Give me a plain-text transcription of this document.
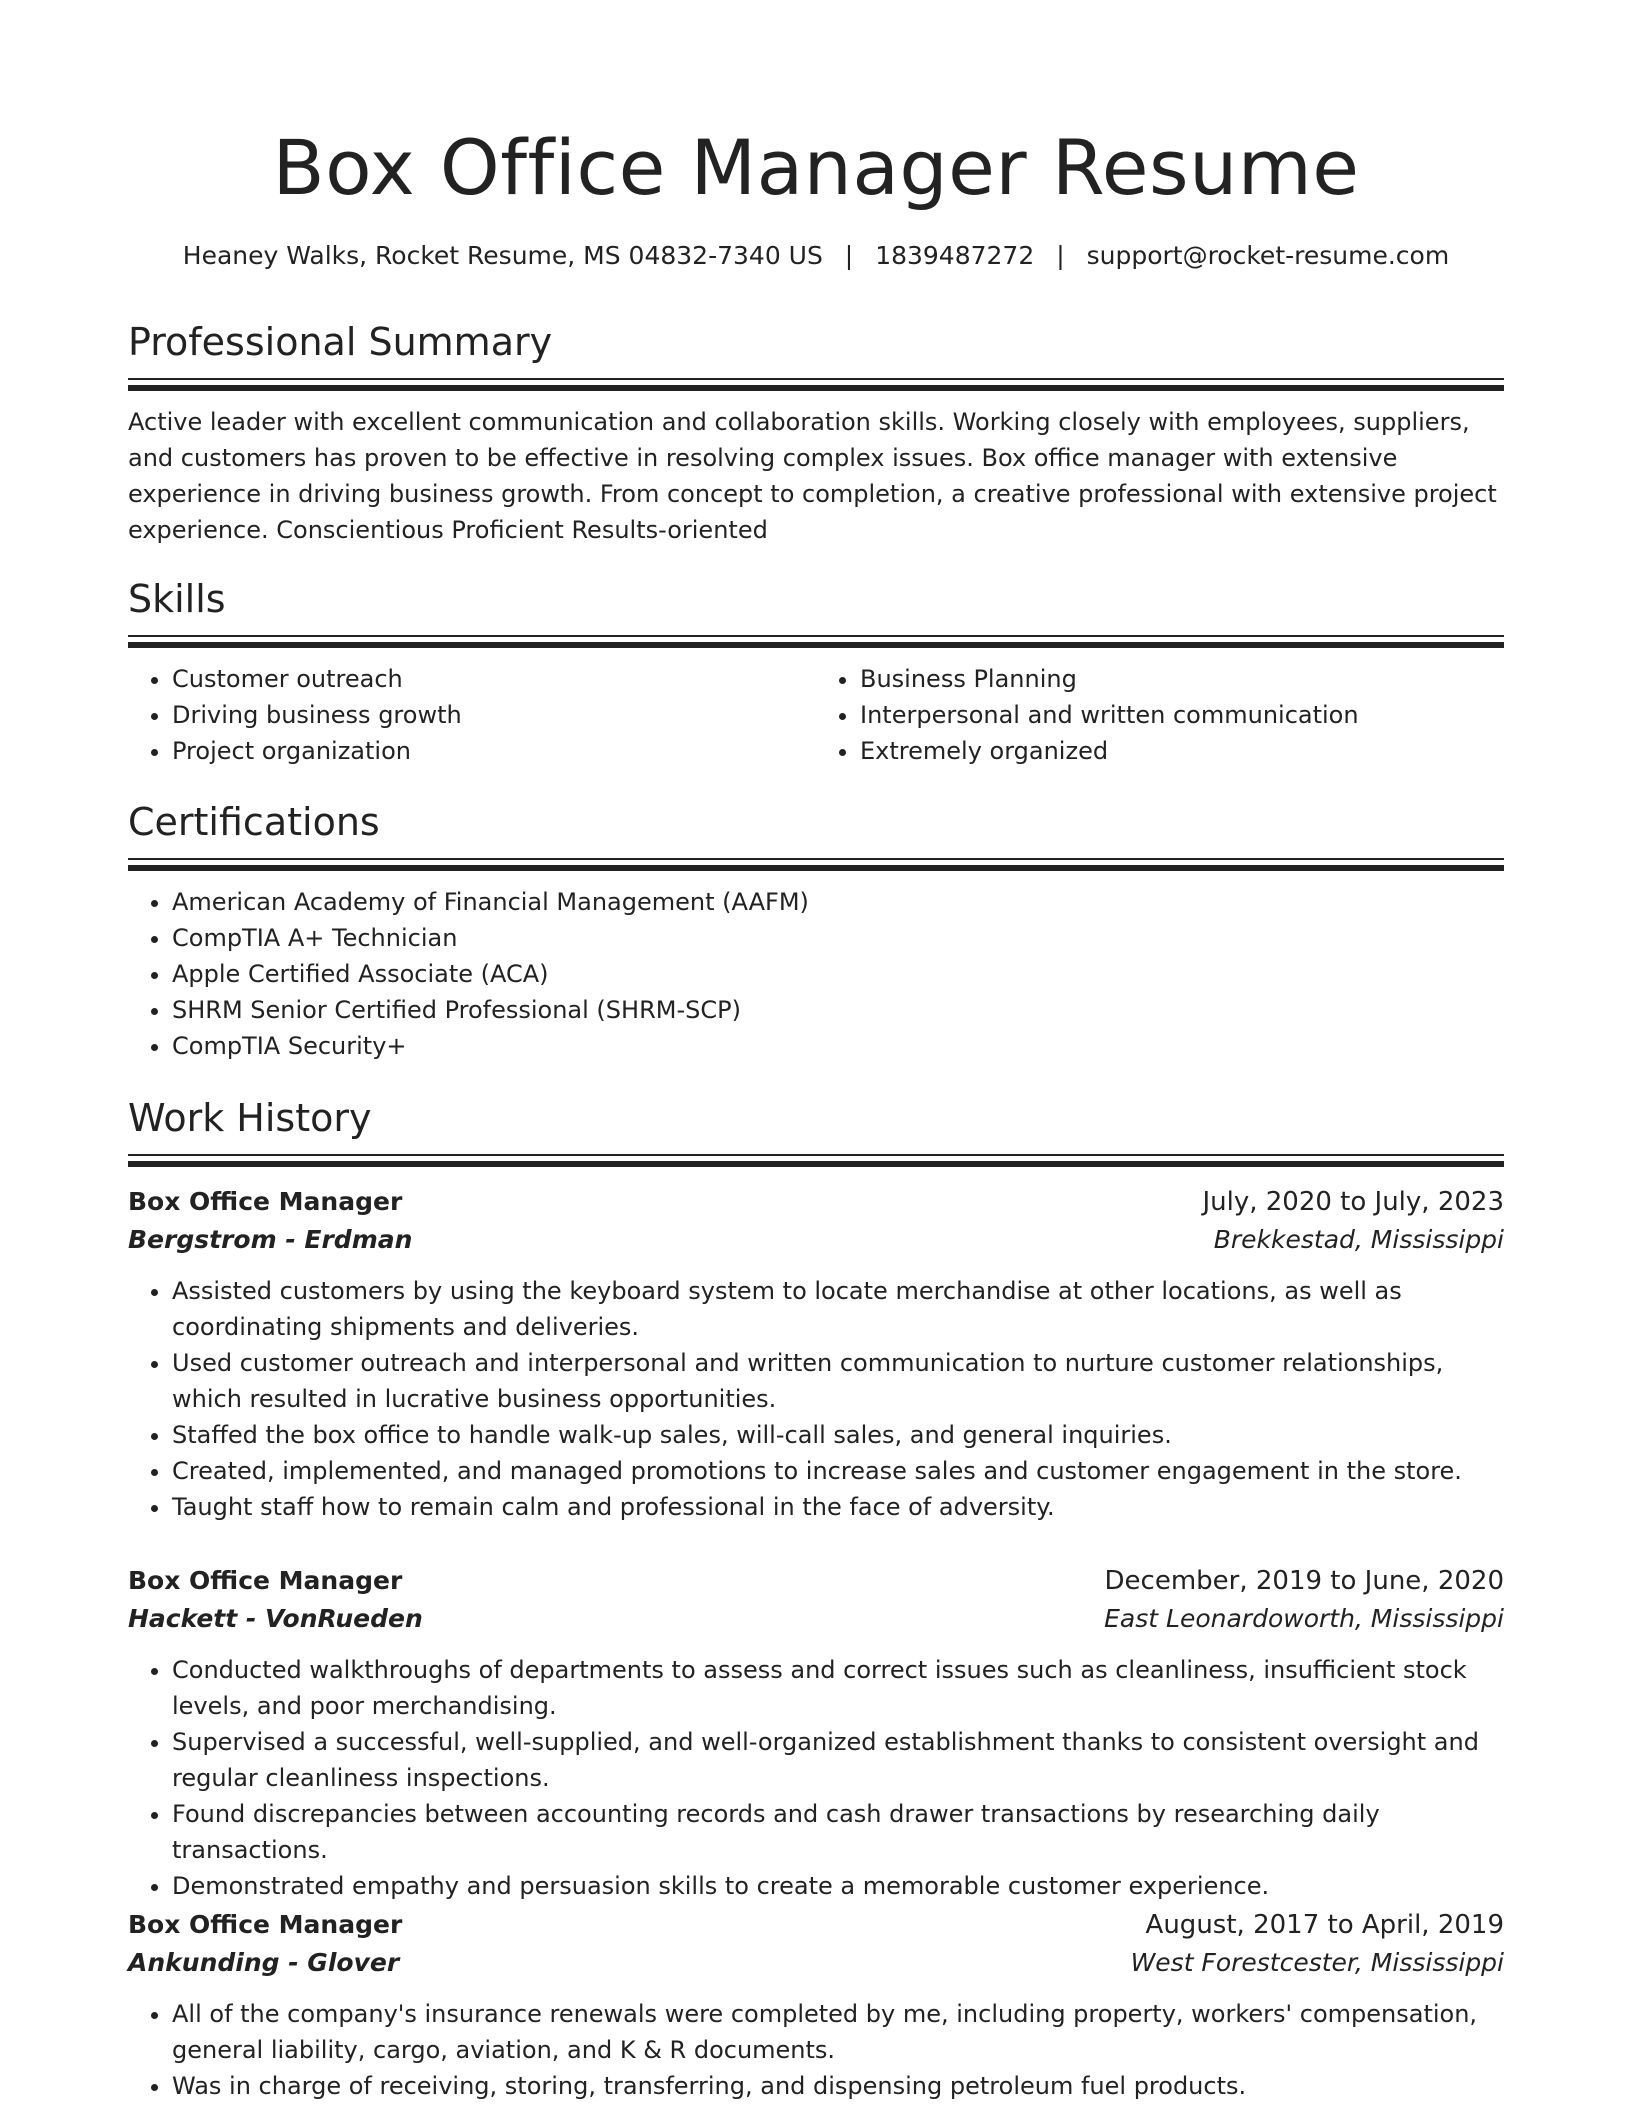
Box Office Manager Resume
Heaney Walks, Rocket Resume, MS 04832-7340 US | 1839487272 | support@rocket-resume.com
Professional Summary
Active leader with excellent communication and collaboration skills. Working closely with employees, suppliers, and customers has proven to be effective in resolving complex issues. Box office manager with extensive experience in driving business growth. From concept to completion, a creative professional with extensive project experience. Conscientious Proficient Results-oriented
Skills
• Customer outreach
• Driving business growth
• Project organization
• Business Planning
• Interpersonal and written communication
• Extremely organized
Certifications
• American Academy of Financial Management (AAFM)
• CompTIA A+ Technician
• Apple Certified Associate (ACA)
• SHRM Senior Certified Professional (SHRM-SCP)
• CompTIA Security+
Work History
Box Office Manager	July, 2020 to July, 2023
Bergstrom - Erdman	Brekkestad, Mississippi
• Assisted customers by using the keyboard system to locate merchandise at other locations, as well as coordinating shipments and deliveries.
• Used customer outreach and interpersonal and written communication to nurture customer relationships, which resulted in lucrative business opportunities.
• Staffed the box office to handle walk-up sales, will-call sales, and general inquiries.
• Created, implemented, and managed promotions to increase sales and customer engagement in the store.
• Taught staff how to remain calm and professional in the face of adversity.
Box Office Manager	December, 2019 to June, 2020
Hackett - VonRueden	East Leonardoworth, Mississippi
• Conducted walkthroughs of departments to assess and correct issues such as cleanliness, insufficient stock levels, and poor merchandising.
• Supervised a successful, well-supplied, and well-organized establishment thanks to consistent oversight and regular cleanliness inspections.
• Found discrepancies between accounting records and cash drawer transactions by researching daily transactions.
• Demonstrated empathy and persuasion skills to create a memorable customer experience.
Box Office Manager	August, 2017 to April, 2019
Ankunding - Glover	West Forestcester, Mississippi
• All of the company's insurance renewals were completed by me, including property, workers' compensation, general liability, cargo, aviation, and K & R documents.
• Was in charge of receiving, storing, transferring, and dispensing petroleum fuel products.
